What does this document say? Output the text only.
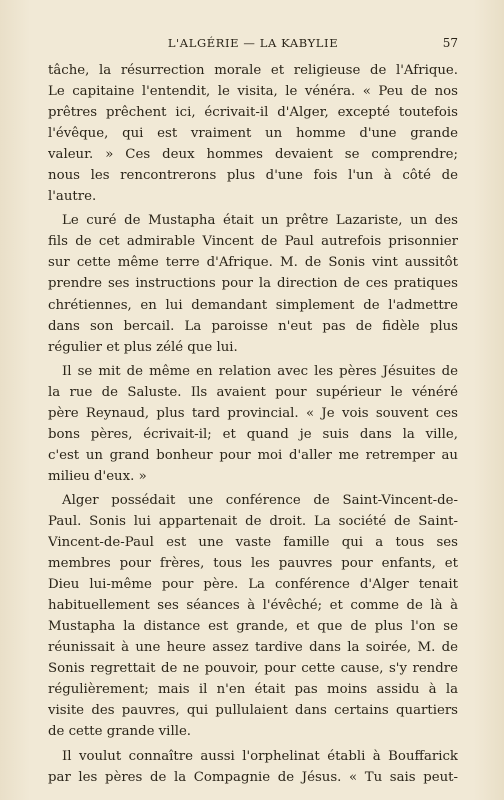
L'ALGÉRIE — LA KABYLIE	57

tâche, la résurrection morale et religieuse de l'Afrique.
Le capitaine l'entendit, le visita, le vénéra. « Peu de nos
prêtres prêchent ici, écrivait-il d'Alger, excepté toutefois
l'évêque, qui est vraiment un homme d'une grande
valeur. » Ces deux hommes devaient se comprendre;
nous les rencontrerons plus d'une fois l'un à côté de
l'autre.

Le curé de Mustapha était un prêtre Lazariste, un des
fils de cet admirable Vincent de Paul autrefois prisonnier
sur cette même terre d'Afrique. M. de Sonis vint aussitôt
prendre ses instructions pour la direction de ces pratiques
chrétiennes, en lui demandant simplement de l'admettre
dans son bercail. La paroisse n'eut pas de fidèle plus
régulier et plus zélé que lui.

Il se mit de même en relation avec les pères Jésuites de
la rue de Saluste. Ils avaient pour supérieur le vénéré
père Reynaud, plus tard provincial. « Je vois souvent ces
bons pères, écrivait-il; et quand je suis dans la ville,
c'est un grand bonheur pour moi d'aller me retremper au
milieu d'eux. »

Alger possédait une conférence de Saint-Vincent-de-
Paul. Sonis lui appartenait de droit. La société de Saint-
Vincent-de-Paul est une vaste famille qui a tous ses
membres pour frères, tous les pauvres pour enfants, et
Dieu lui-même pour père. La conférence d'Alger tenait
habituellement ses séances à l'évêché; et comme de là à
Mustapha la distance est grande, et que de plus l'on se
réunissait à une heure assez tardive dans la soirée, M. de
Sonis regrettait de ne pouvoir, pour cette cause, s'y rendre
régulièrement; mais il n'en était pas moins assidu à la
visite des pauvres, qui pullulaient dans certains quartiers
de cette grande ville.

Il voulut connaître aussi l'orphelinat établi à Bouffarick
par les pères de la Compagnie de Jésus. « Tu sais peut-
